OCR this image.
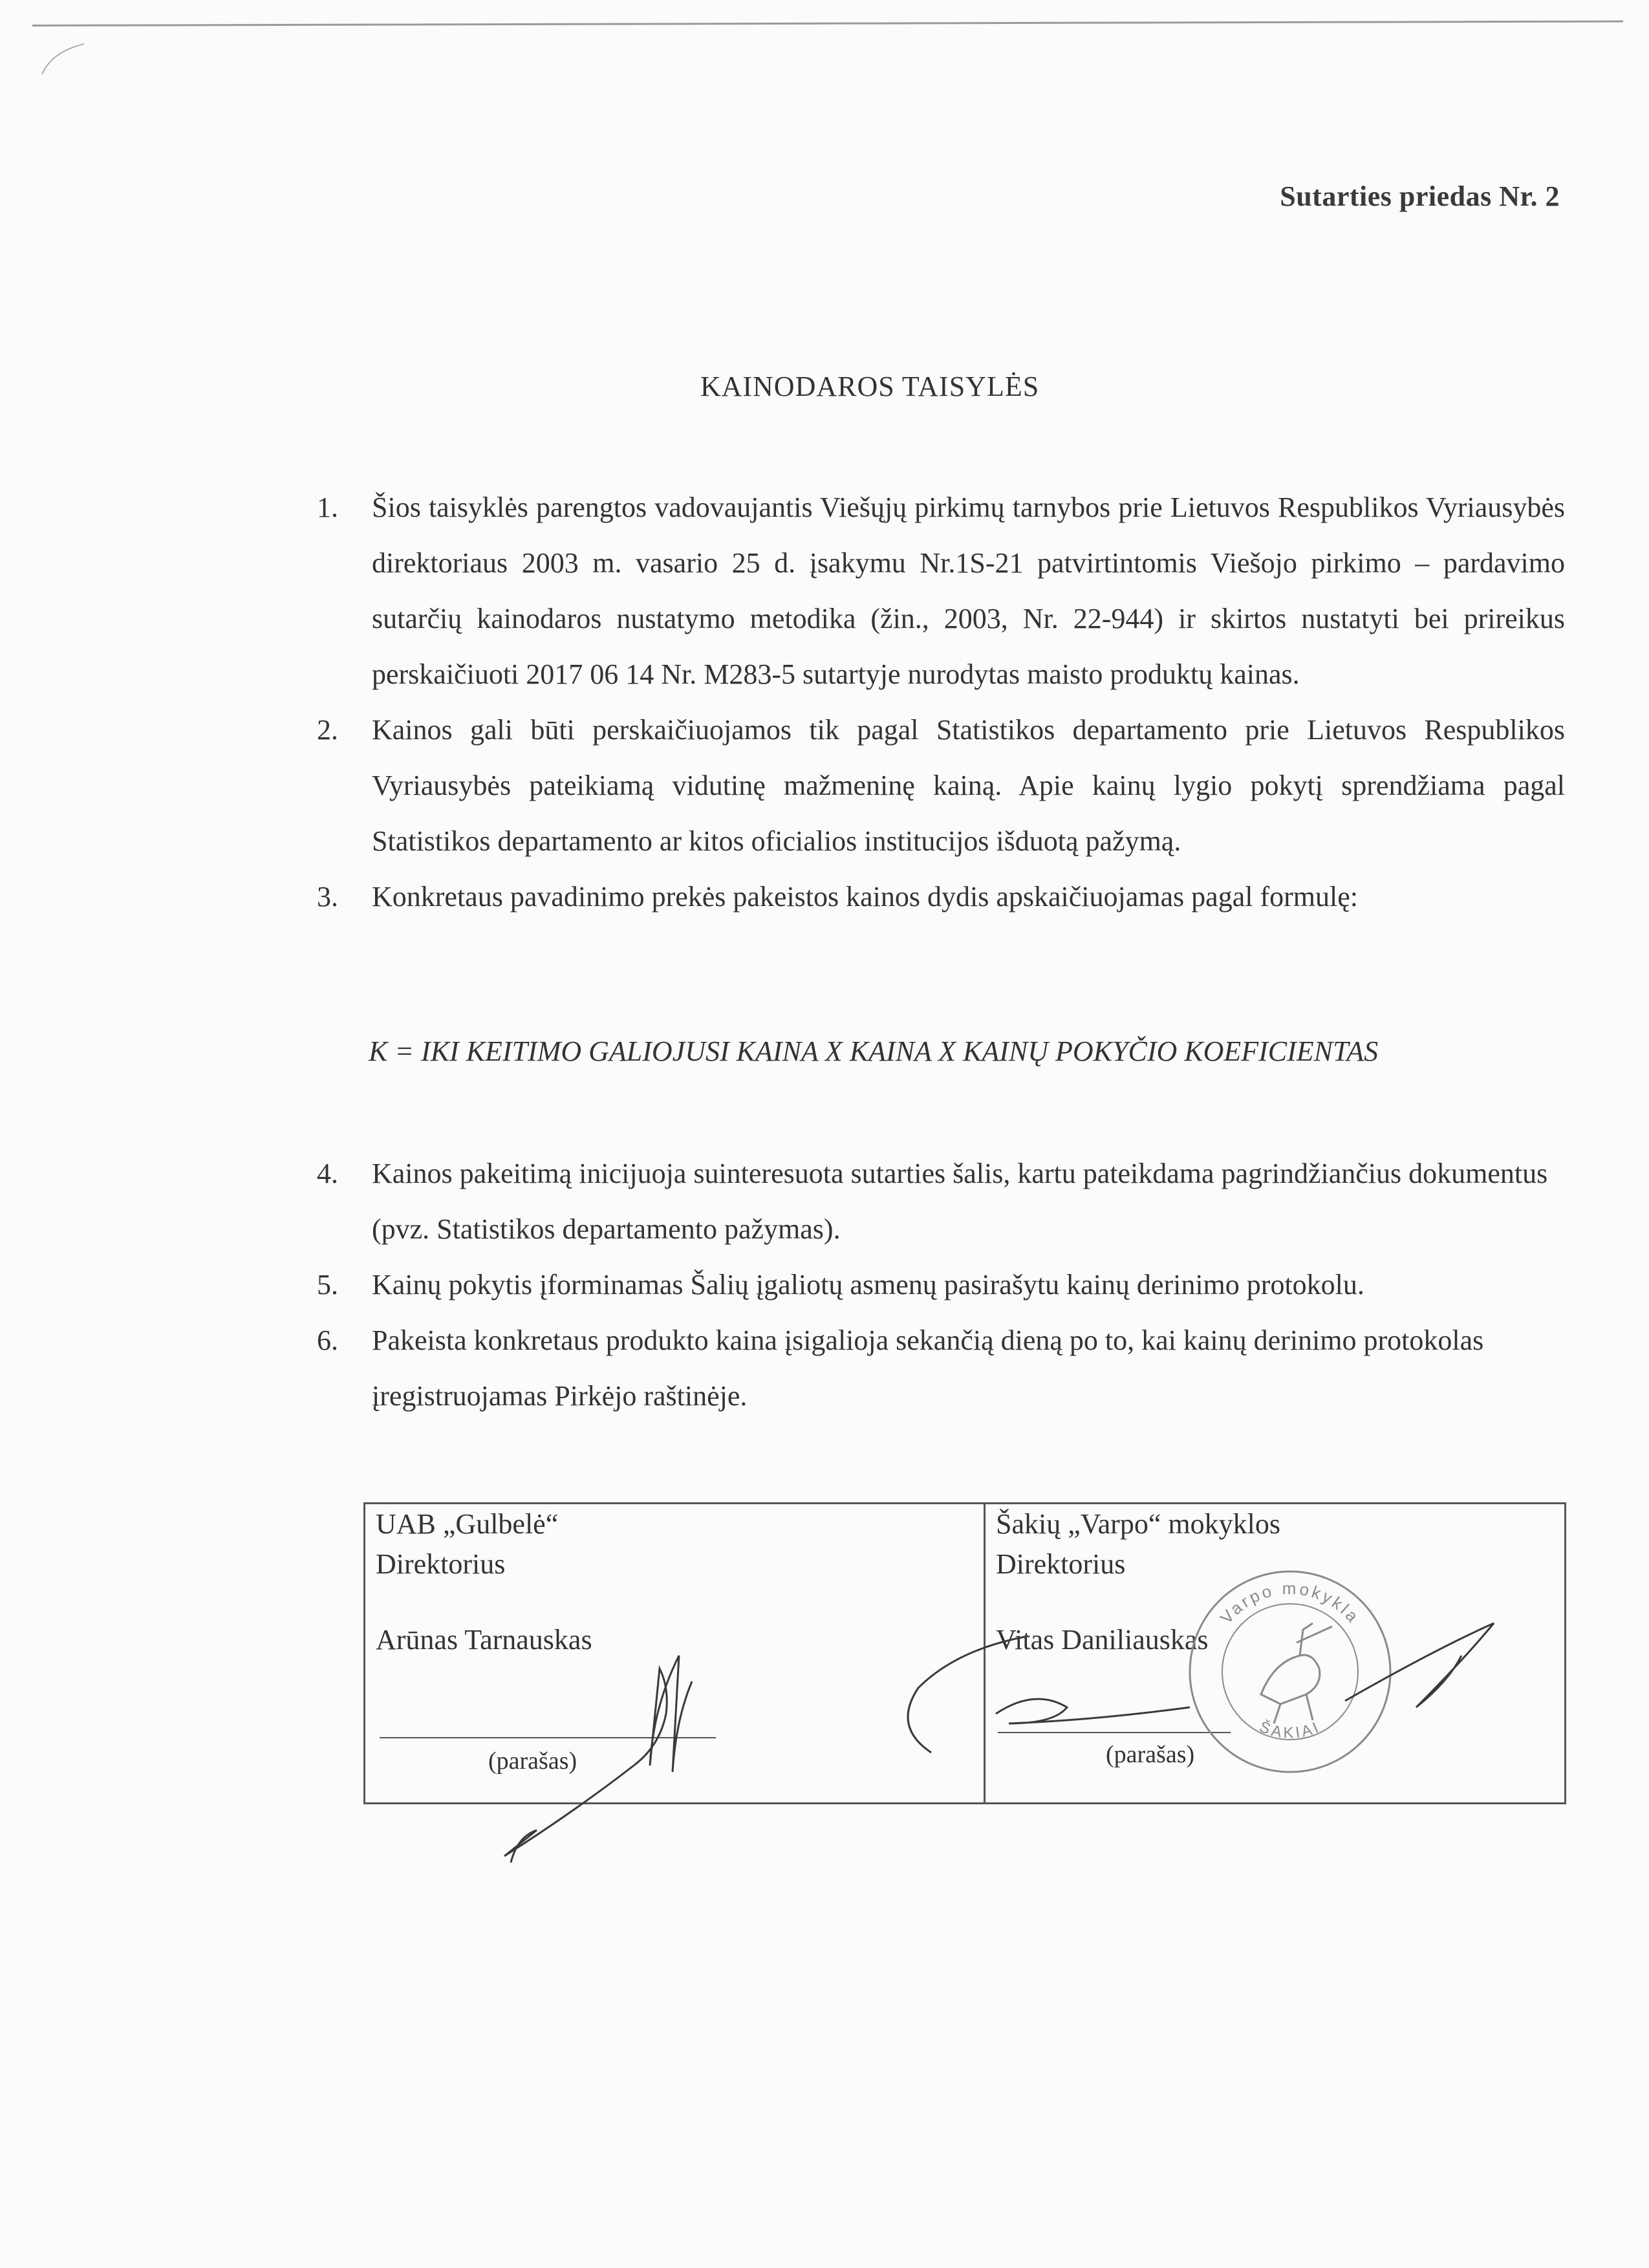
Sutarties priedas Nr. 2
KAINODAROS TAISYLĖS
1. Šios taisyklės parengtos vadovaujantis Viešųjų pirkimų tarnybos prie Lietuvos Respublikos Vyriausybės direktoriaus 2003 m. vasario 25 d. įsakymu Nr.1S-21 patvirtintomis Viešojo pirkimo – pardavimo sutarčių kainodaros nustatymo metodika (žin., 2003, Nr. 22-944) ir skirtos nustatyti bei prireikus perskaičiuoti 2017 06 14 Nr. M283-5 sutartyje nurodytas maisto produktų kainas.
2. Kainos gali būti perskaičiuojamos tik pagal Statistikos departamento prie Lietuvos Respublikos Vyriausybės pateikiamą vidutinę mažmeninę kainą. Apie kainų lygio pokytį sprendžiama pagal Statistikos departamento ar kitos oficialios institucijos išduotą pažymą.
3. Konkretaus pavadinimo prekės pakeistos kainos dydis apskaičiuojamas pagal formulę:
K = IKI KEITIMO GALIOJUSI KAINA X KAINA X KAINŲ POKYČIO KOEFICIENTAS
4. Kainos pakeitimą inicijuoja suinteresuota sutarties šalis, kartu pateikdama pagrindžiančius dokumentus (pvz. Statistikos departamento pažymas).
5. Kainų pokytis įforminamas Šalių įgaliotų asmenų pasirašytu kainų derinimo protokolu.
6. Pakeista konkretaus produkto kaina įsigalioja sekančią dieną po to, kai kainų derinimo protokolas įregistruojamas Pirkėjo raštinėje.
UAB „Gulbelė“
Direktorius
Arūnas Tarnauskas
(parašas)
Šakių „Varpo“ mokyklos
Direktorius
Vitas Daniliauskas
(parašas)
Varpo mokykla
ŠAKIAI
